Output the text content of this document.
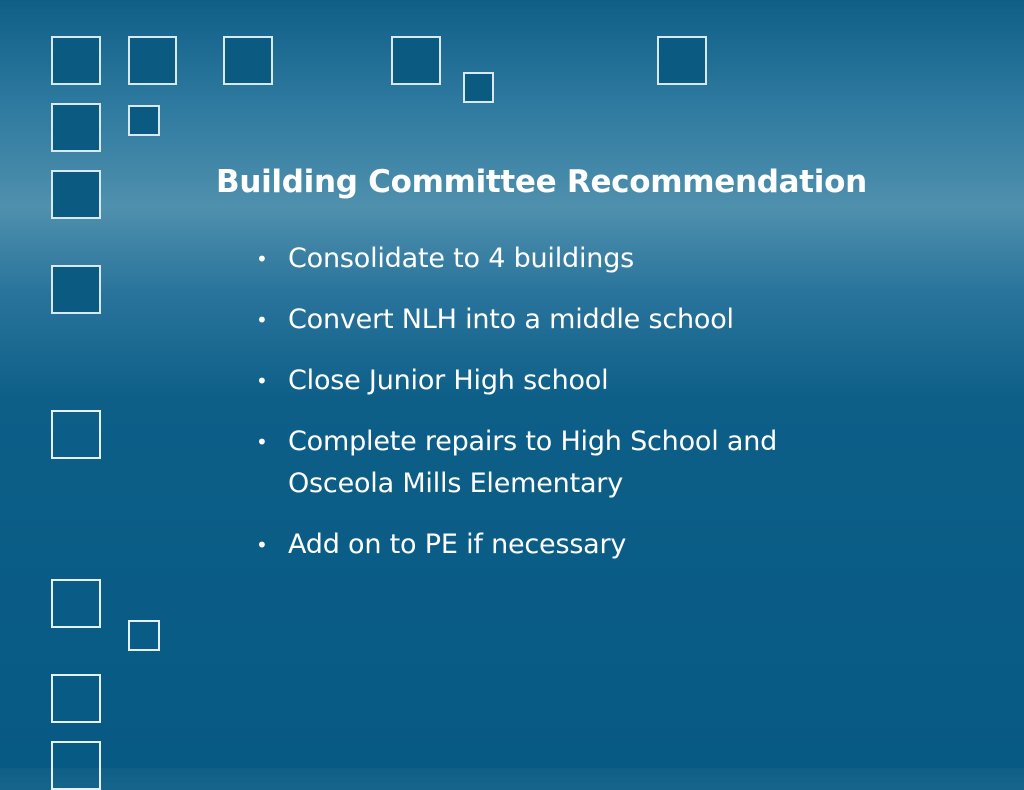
Building Committee Recommendation
• Consolidate to 4 buildings
• Convert NLH into a middle school
• Close Junior High school
• Complete repairs to High School and Osceola Mills Elementary
• Add on to PE if necessary
